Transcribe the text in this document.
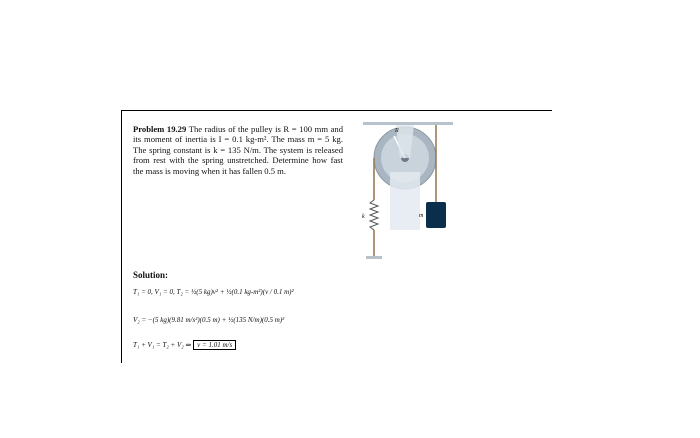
Problem 19.29 The radius of the pulley is R = 100 mm and its moment of inertia is I = 0.1 kg-m². The mass m = 5 kg. The spring constant is k = 135 N/m. The system is released from rest with the spring unstretched. Determine how fast the mass is moving when it has fallen 0.5 m.
R
k	m
Solution:
T₁ = 0, V₁ = 0, T₂ = ½(5 kg)v² + ½(0.1 kg-m²)(v / 0.1 m)²
V₂ = −(5 kg)(9.81 m/s²)(0.5 m) + ½(135 N/m)(0.5 m)²
T₁ + V₁ = T₂ + V₂ ⇒ v = 1.01 m/s
